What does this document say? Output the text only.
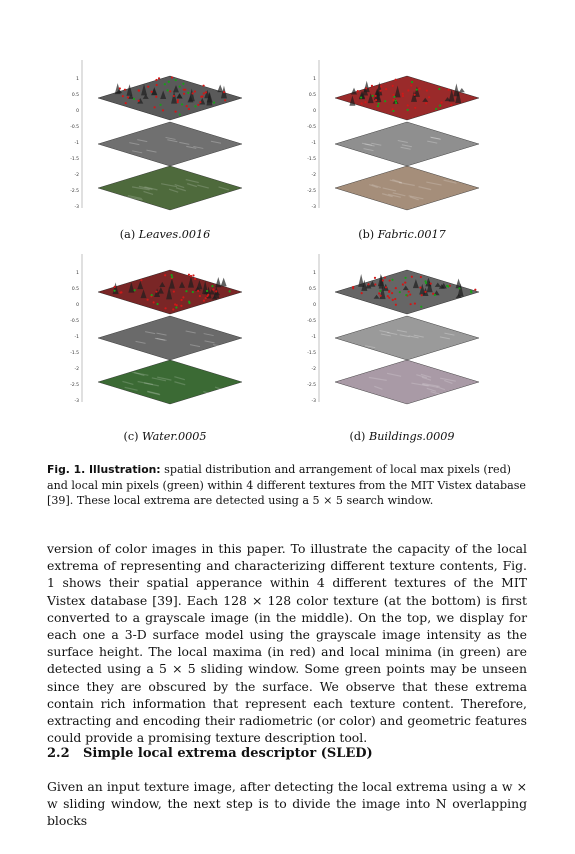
1
0.5
0
-0.5
-1
-1.5
-2
-2.5
-3
(a) Leaves.0016
1
0.5
0
-0.5
-1
-1.5
-2
-2.5
-3
(b) Fabric.0017
1
0.5
0
-0.5
-1
-1.5
-2
-2.5
-3
(c) Water.0005
1
0.5
0
-0.5
-1
-1.5
-2
-2.5
-3
(d) Buildings.0009
Fig. 1. Illustration: spatial distribution and arrangement of local max pixels (red) and local min pixels (green) within 4 different textures from the MIT Vistex database [39]. These local extrema are detected using a 5 × 5 search window.
version of color images in this paper. To illustrate the capacity of the local extrema of representing and characterizing different texture contents, Fig. 1 shows their spatial apperance within 4 different textures of the MIT Vistex database [39]. Each 128 × 128 color texture (at the bottom) is first converted to a grayscale image (in the middle). On the top, we display for each one a 3-D surface model using the grayscale image intensity as the surface height. The local maxima (in red) and local minima (in green) are detected using a 5 × 5 sliding window. Some green points may be unseen since they are obscured by the surface. We observe that these extrema contain rich information that represent each texture content. Therefore, extracting and encoding their radiometric (or color) and geometric features could provide a promising texture description tool.
2.2 Simple local extrema descriptor (SLED)
Given an input texture image, after detecting the local extrema using a w × w sliding window, the next step is to divide the image into N overlapping blocks
